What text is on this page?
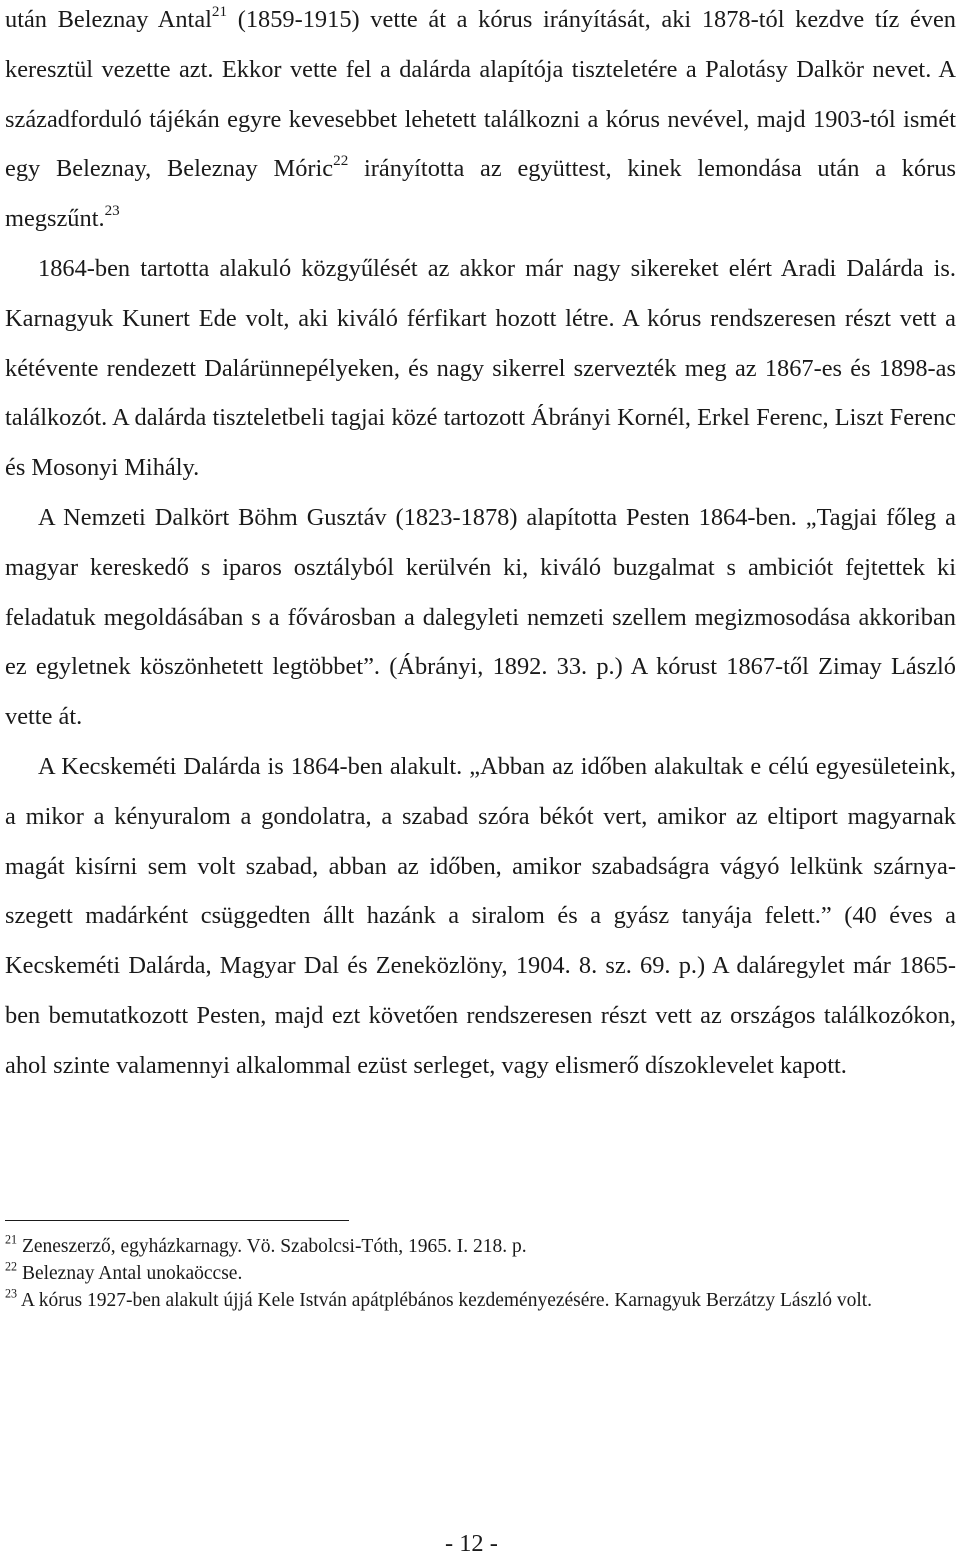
után Beleznay Antal$^{21}$ (1859-1915) vette át a kórus irányítását, aki 1878-tól kezdve tíz éven keresztül vezette azt. Ekkor vette fel a dalárda alapítója tiszteletére a Palotásy Dalkör nevet. A századforduló tájékán egyre kevesebbet lehetett találkozni a kórus nevével, majd 1903-tól ismét egy Beleznay, Beleznay Móric$^{22}$ irányította az együttest, kinek lemondása után a kórus megszűnt.$^{23}$

1864-ben tartotta alakuló közgyűlését az akkor már nagy sikereket elért Aradi Dalárda is. Karnagyuk Kunert Ede volt, aki kiváló férfikart hozott létre. A kórus rendszeresen részt vett a kétévente rendezett Dalárünnepélyeken, és nagy sikerrel szervezték meg az 1867-es és 1898-as találkozót. A dalárda tiszteletbeli tagjai közé tartozott Ábrányi Kornél, Erkel Ferenc, Liszt Ferenc és Mosonyi Mihály.

A Nemzeti Dalkört Böhm Gusztáv (1823-1878) alapította Pesten 1864-ben. „Tagjai főleg a magyar kereskedő s iparos osztályból kerülvén ki, kiváló buzgalmat s ambiciót fejtettek ki feladatuk megoldásában s a fővárosban a dalegyleti nemzeti szellem megizmosodása akkoriban ez egyletnek köszönhetett legtöbbet”. (Ábrányi, 1892. 33. p.) A kórust 1867-től Zimay László vette át.

A Kecskeméti Dalárda is 1864-ben alakult. „Abban az időben alakultak e célú egyesületeink, a mikor a kényuralom a gondolatra, a szabad szóra békót vert, amikor az eltiport magyarnak magát kisírni sem volt szabad, abban az időben, amikor szabadságra vágyó lelkünk szárnya-szegett madárként csüggedten állt hazánk a siralom és a gyász tanyája felett.” (40 éves a Kecskeméti Dalárda, Magyar Dal és Zeneközlöny, 1904. 8. sz. 69. p.) A daláregylet már 1865-ben bemutatkozott Pesten, majd ezt követően rendszeresen részt vett az országos találkozókon, ahol szinte valamennyi alkalommal ezüst serleget, vagy elismerő díszoklevelet kapott.

$^{21}$ Zeneszerző, egyházkarnagy. Vö. Szabolcsi-Tóth, 1965. I. 218. p.

$^{22}$ Beleznay Antal unokaöccse.

$^{23}$ A kórus 1927-ben alakult újjá Kele István apátplébános kezdeményezésére. Karnagyuk Berzátzy László volt.

- 12 -
